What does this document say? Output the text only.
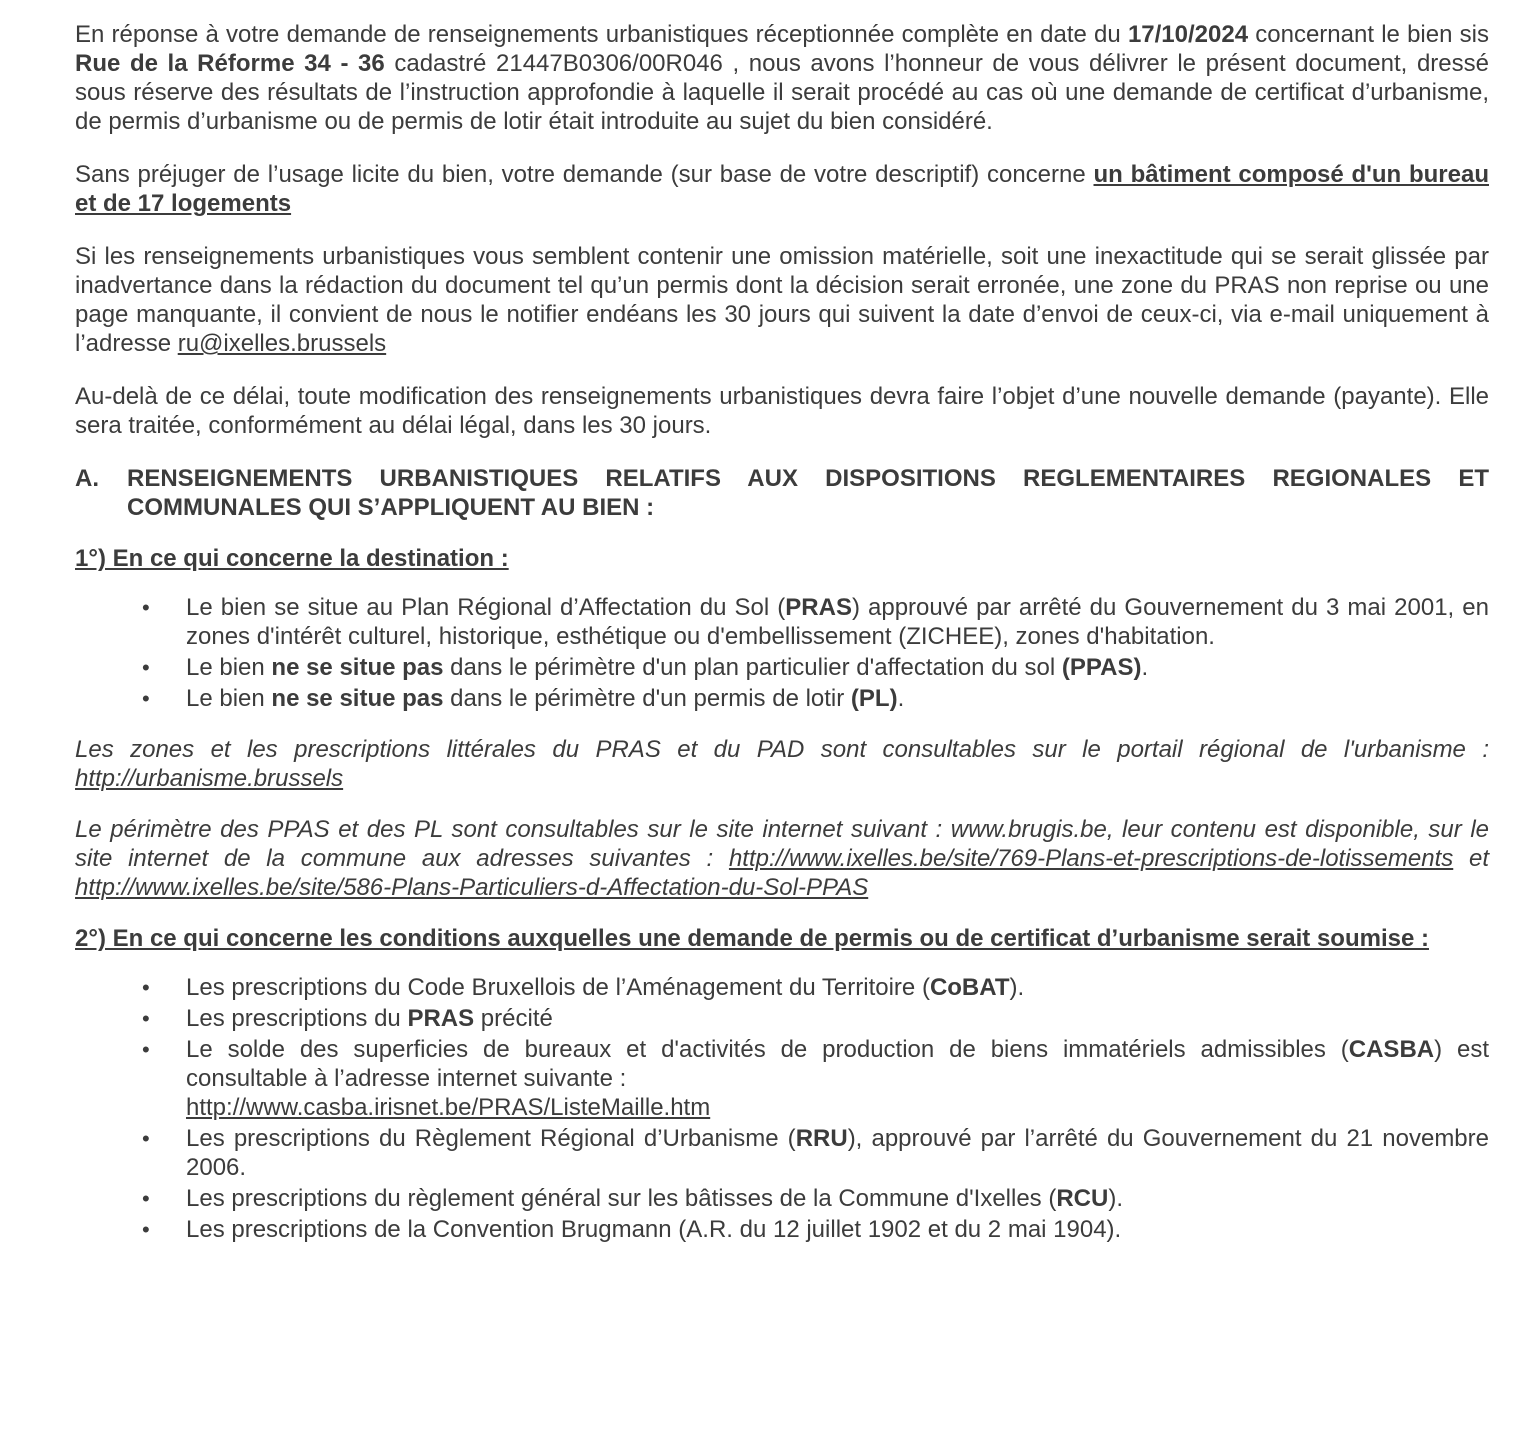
En réponse à votre demande de renseignements urbanistiques réceptionnée complète en date du 17/10/2024 concernant le bien sis Rue de la Réforme 34 - 36 cadastré 21447B0306/00R046 , nous avons l’honneur de vous délivrer le présent document, dressé sous réserve des résultats de l’instruction approfondie à laquelle il serait procédé au cas où une demande de certificat d’urbanisme, de permis d’urbanisme ou de permis de lotir était introduite au sujet du bien considéré.

Sans préjuger de l’usage licite du bien, votre demande (sur base de votre descriptif) concerne un bâtiment composé d'un bureau et de 17 logements

Si les renseignements urbanistiques vous semblent contenir une omission matérielle, soit une inexactitude qui se serait glissée par inadvertance dans la rédaction du document tel qu’un permis dont la décision serait erronée, une zone du PRAS non reprise ou une page manquante, il convient de nous le notifier endéans les 30 jours qui suivent la date d’envoi de ceux-ci, via e-mail uniquement à l’adresse ru@ixelles.brussels

Au-delà de ce délai, toute modification des renseignements urbanistiques devra faire l’objet d’une nouvelle demande (payante). Elle sera traitée, conformément au délai légal, dans les 30 jours.

A.	RENSEIGNEMENTS URBANISTIQUES RELATIFS AUX DISPOSITIONS REGLEMENTAIRES REGIONALES ET COMMUNALES QUI S’APPLIQUENT AU BIEN :
1°) En ce qui concerne la destination :
• Le bien se situe au Plan Régional d’Affectation du Sol (PRAS) approuvé par arrêté du Gouvernement du 3 mai 2001, en zones d'intérêt culturel, historique, esthétique ou d'embellissement (ZICHEE), zones d'habitation.
• Le bien ne se situe pas dans le périmètre d'un plan particulier d'affectation du sol (PPAS).
• Le bien ne se situe pas dans le périmètre d'un permis de lotir (PL).

Les zones et les prescriptions littérales du PRAS et du PAD sont consultables sur le portail régional de l'urbanisme : http://urbanisme.brussels

Le périmètre des PPAS et des PL sont consultables sur le site internet suivant : www.brugis.be, leur contenu est disponible, sur le site internet de la commune aux adresses suivantes : http://www.ixelles.be/site/769-Plans-et-prescriptions-de-lotissements et http://www.ixelles.be/site/586-Plans-Particuliers-d-Affectation-du-Sol-PPAS

2°) En ce qui concerne les conditions auxquelles une demande de permis ou de certificat d’urbanisme serait soumise :
• Les prescriptions du Code Bruxellois de l’Aménagement du Territoire (CoBAT).
• Les prescriptions du PRAS précité
• Le solde des superficies de bureaux et d'activités de production de biens immatériels admissibles (CASBA) est consultable à l’adresse internet suivante :
http://www.casba.irisnet.be/PRAS/ListeMaille.htm
• Les prescriptions du Règlement Régional d’Urbanisme (RRU), approuvé par l’arrêté du Gouvernement du 21 novembre 2006.
• Les prescriptions du règlement général sur les bâtisses de la Commune d'Ixelles (RCU).
• Les prescriptions de la Convention Brugmann (A.R. du 12 juillet 1902 et du 2 mai 1904).
